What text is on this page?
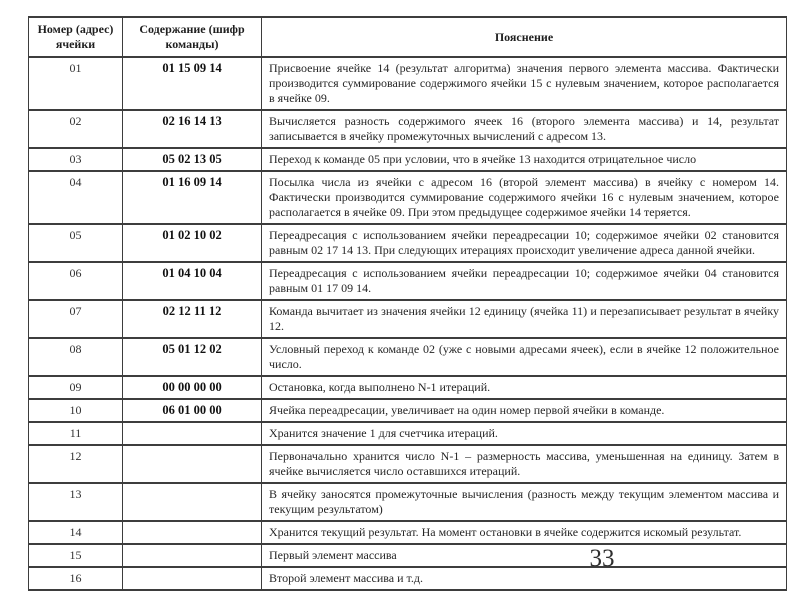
Номер (адрес) ячейки	Содержание (шифр команды)	Пояснение
01	01 15 09 14	Присвоение ячейке 14 (результат алгоритма) значения первого элемента массива. Фактически производится суммирование содержимого ячейки 15 с нулевым значением, которое располагается в ячейке 09.
02	02 16 14 13	Вычисляется разность содержимого ячеек 16 (второго элемента массива) и 14, результат записывается в ячейку промежуточных вычислений с адресом 13.
03	05 02 13 05	Переход к команде 05 при условии, что в ячейке 13 находится отрицательное число
04	01 16 09 14	Посылка числа из ячейки с адресом 16 (второй элемент массива) в ячейку с номером 14. Фактически производится суммирование содержимого ячейки 16 с нулевым значением, которое располагается в ячейке 09. При этом предыдущее содержимое ячейки 14 теряется.
05	01 02 10 02	Переадресация с использованием ячейки переадресации 10; содержимое ячейки 02 становится равным 02 17 14 13. При следующих итерациях происходит увеличение адреса данной ячейки.
06	01 04 10 04	Переадресация с использованием ячейки переадресации 10; содержимое ячейки 04 становится равным 01 17 09 14.
07	02 12 11 12	Команда вычитает из значения ячейки 12 единицу (ячейка 11) и перезаписывает результат в ячейку 12.
08	05 01 12 02	Условный переход к команде 02 (уже с новыми адресами ячеек), если в ячейке 12 положительное число.
09	00 00 00 00	Остановка, когда выполнено N-1 итераций.
10	06 01 00 00	Ячейка переадресации, увеличивает на один номер первой ячейки в команде.
11		Хранится значение 1 для счетчика итераций.
12		Первоначально хранится число N-1 – размерность массива, уменьшенная на единицу. Затем в ячейке вычисляется число оставшихся итераций.
13		В ячейку заносятся промежуточные вычисления (разность между текущим элементом массива и текущим результатом)
14		Хранится текущий результат. На момент остановки в ячейке содержится искомый результат.
15		Первый элемент массива
16		Второй элемент массива и т.д.
33
